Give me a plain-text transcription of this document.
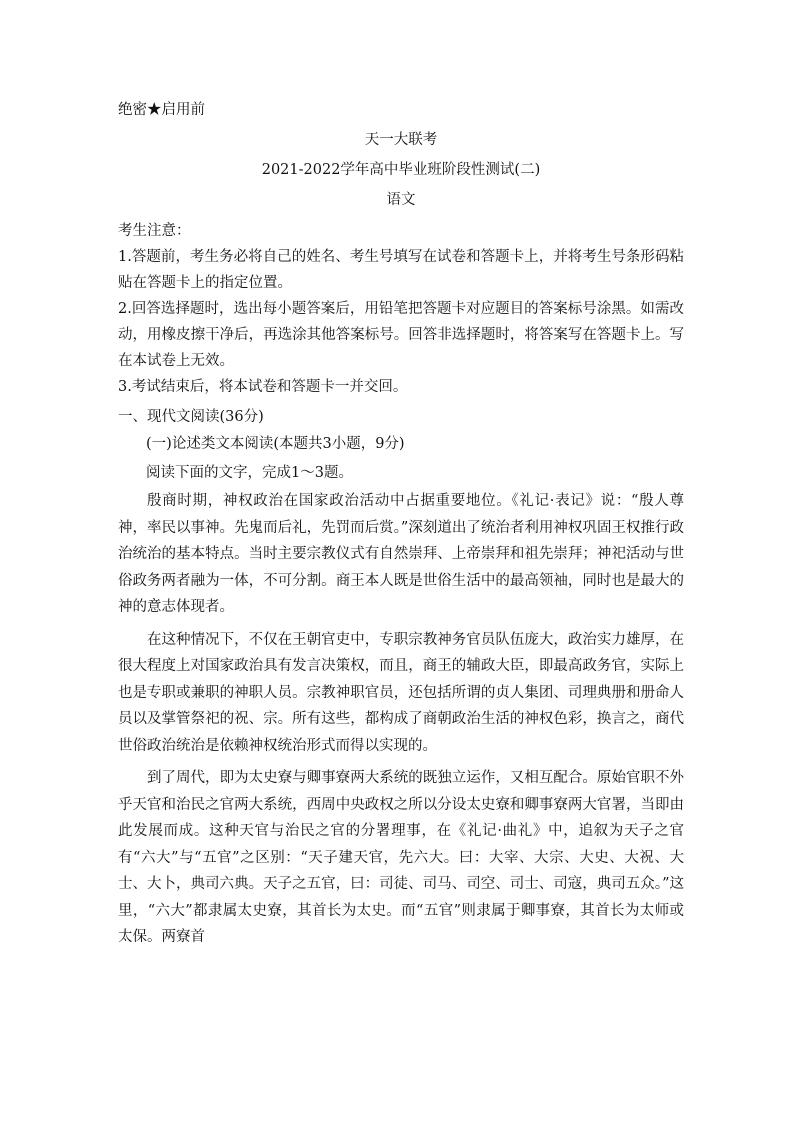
绝密★启用前
天一大联考
2021-2022学年高中毕业班阶段性测试(二)
语文
考生注意：

1.答题前，考生务必将自己的姓名、考生号填写在试卷和答题卡上，并将考生号条形码粘贴在答题卡上的指定位置。

2.回答选择题时，选出每小题答案后，用铅笔把答题卡对应题目的答案标号涂黑。如需改动，用橡皮擦干净后，再选涂其他答案标号。回答非选择题时，将答案写在答题卡上。写在本试卷上无效。

3.考试结束后，将本试卷和答题卡一并交回。

一、现代文阅读(36分)
(一)论述类文本阅读(本题共3小题，9分)
阅读下面的文字，完成1～3题。

殷商时期，神权政治在国家政治活动中占据重要地位。《礼记·表记》说：“殷人尊神，率民以事神。先鬼而后礼，先罚而后赏。”深刻道出了统治者利用神权巩固王权推行政治统治的基本特点。当时主要宗教仪式有自然崇拜、上帝崇拜和祖先崇拜；神祀活动与世俗政务两者融为一体，不可分割。商王本人既是世俗生活中的最高领袖，同时也是最大的神的意志体现者。

在这种情况下，不仅在王朝官吏中，专职宗教神务官员队伍庞大，政治实力雄厚，在很大程度上对国家政治具有发言决策权，而且，商王的辅政大臣，即最高政务官，实际上也是专职或兼职的神职人员。宗教神职官员，还包括所谓的贞人集团、司理典册和册命人员以及掌管祭祀的祝、宗。所有这些，都构成了商朝政治生活的神权色彩，换言之，商代世俗政治统治是依赖神权统治形式而得以实现的。

到了周代，即为太史寮与卿事寮两大系统的既独立运作，又相互配合。原始官职不外乎天官和治民之官两大系统，西周中央政权之所以分设太史寮和卿事寮两大官署，当即由此发展而成。这种天官与治民之官的分署理事，在《礼记·曲礼》中，追叙为天子之官有“六大”与“五官”之区别：“天子建天官，先六大。曰：大宰、大宗、大史、大祝、大士、大卜，典司六典。天子之五官，曰：司徒、司马、司空、司士、司寇，典司五众。”这里，“六大”都隶属太史寮，其首长为太史。而“五官”则隶属于卿事寮，其首长为太师或太保。两寮首
